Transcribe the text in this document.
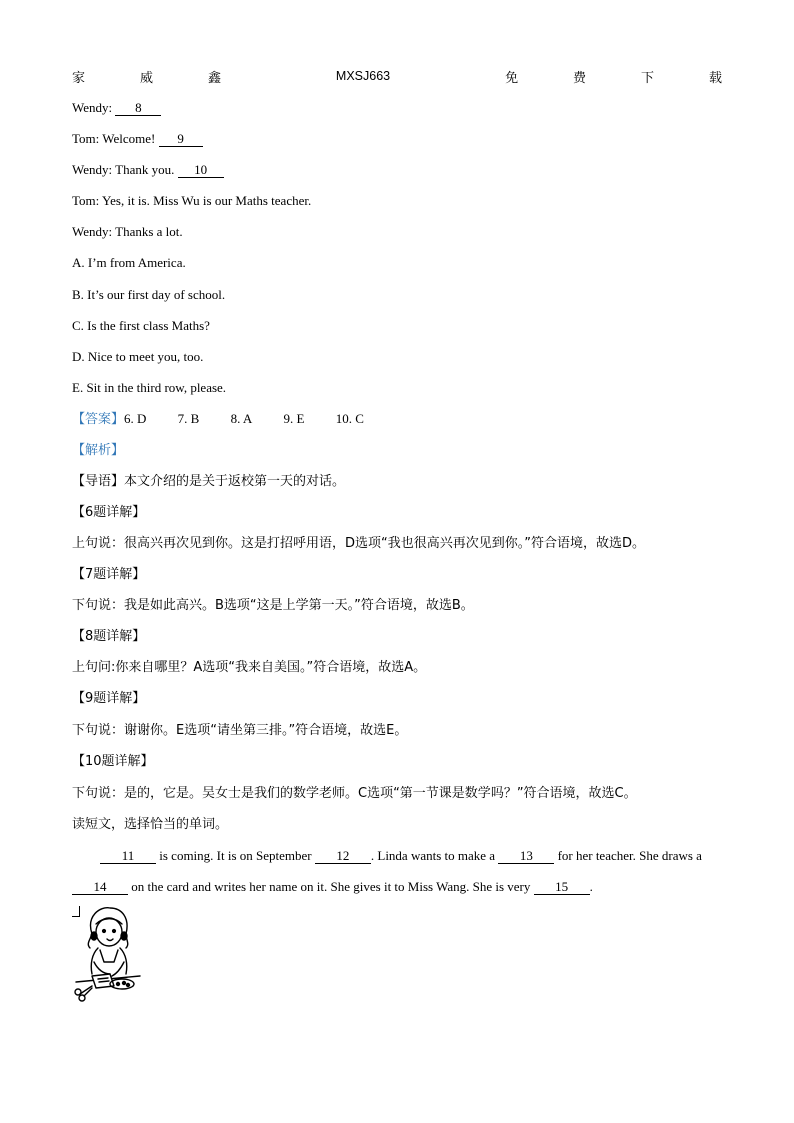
家	威	鑫	MXSJ663	免	费	下	载
Wendy: 8
Tom: Welcome! 9
Wendy: Thank you. 10
Tom: Yes, it is. Miss Wu is our Maths teacher.
Wendy: Thanks a lot.
A. I’m from America.
B. It’s our first day of school.
C. Is the first class Maths?
D. Nice to meet you, too.
E. Sit in the third row, please.
【答案】6. D 7. B 8. A 9. E 10. C
【解析】
【导语】本文介绍的是关于返校第一天的对话。
【6题详解】
上句说：很高兴再次见到你。这是打招呼用语，D选项“我也很高兴再次见到你。”符合语境，故选D。
【7题详解】
下句说：我是如此高兴。B选项“这是上学第一天。”符合语境，故选B。
【8题详解】
上句问:你来自哪里？A选项“我来自美国。”符合语境，故选A。
【9题详解】
下句说：谢谢你。E选项“请坐第三排。”符合语境，故选E。
【10题详解】
下句说：是的，它是。吴女士是我们的数学老师。C选项“第一节课是数学吗？”符合语境，故选C。
读短文，选择恰当的单词。
11 is coming. It is on September 12 . Linda wants to make a 13 for her teacher. She draws a 14 on the card and writes her name on it. She gives it to Miss Wang. She is very 15 .
